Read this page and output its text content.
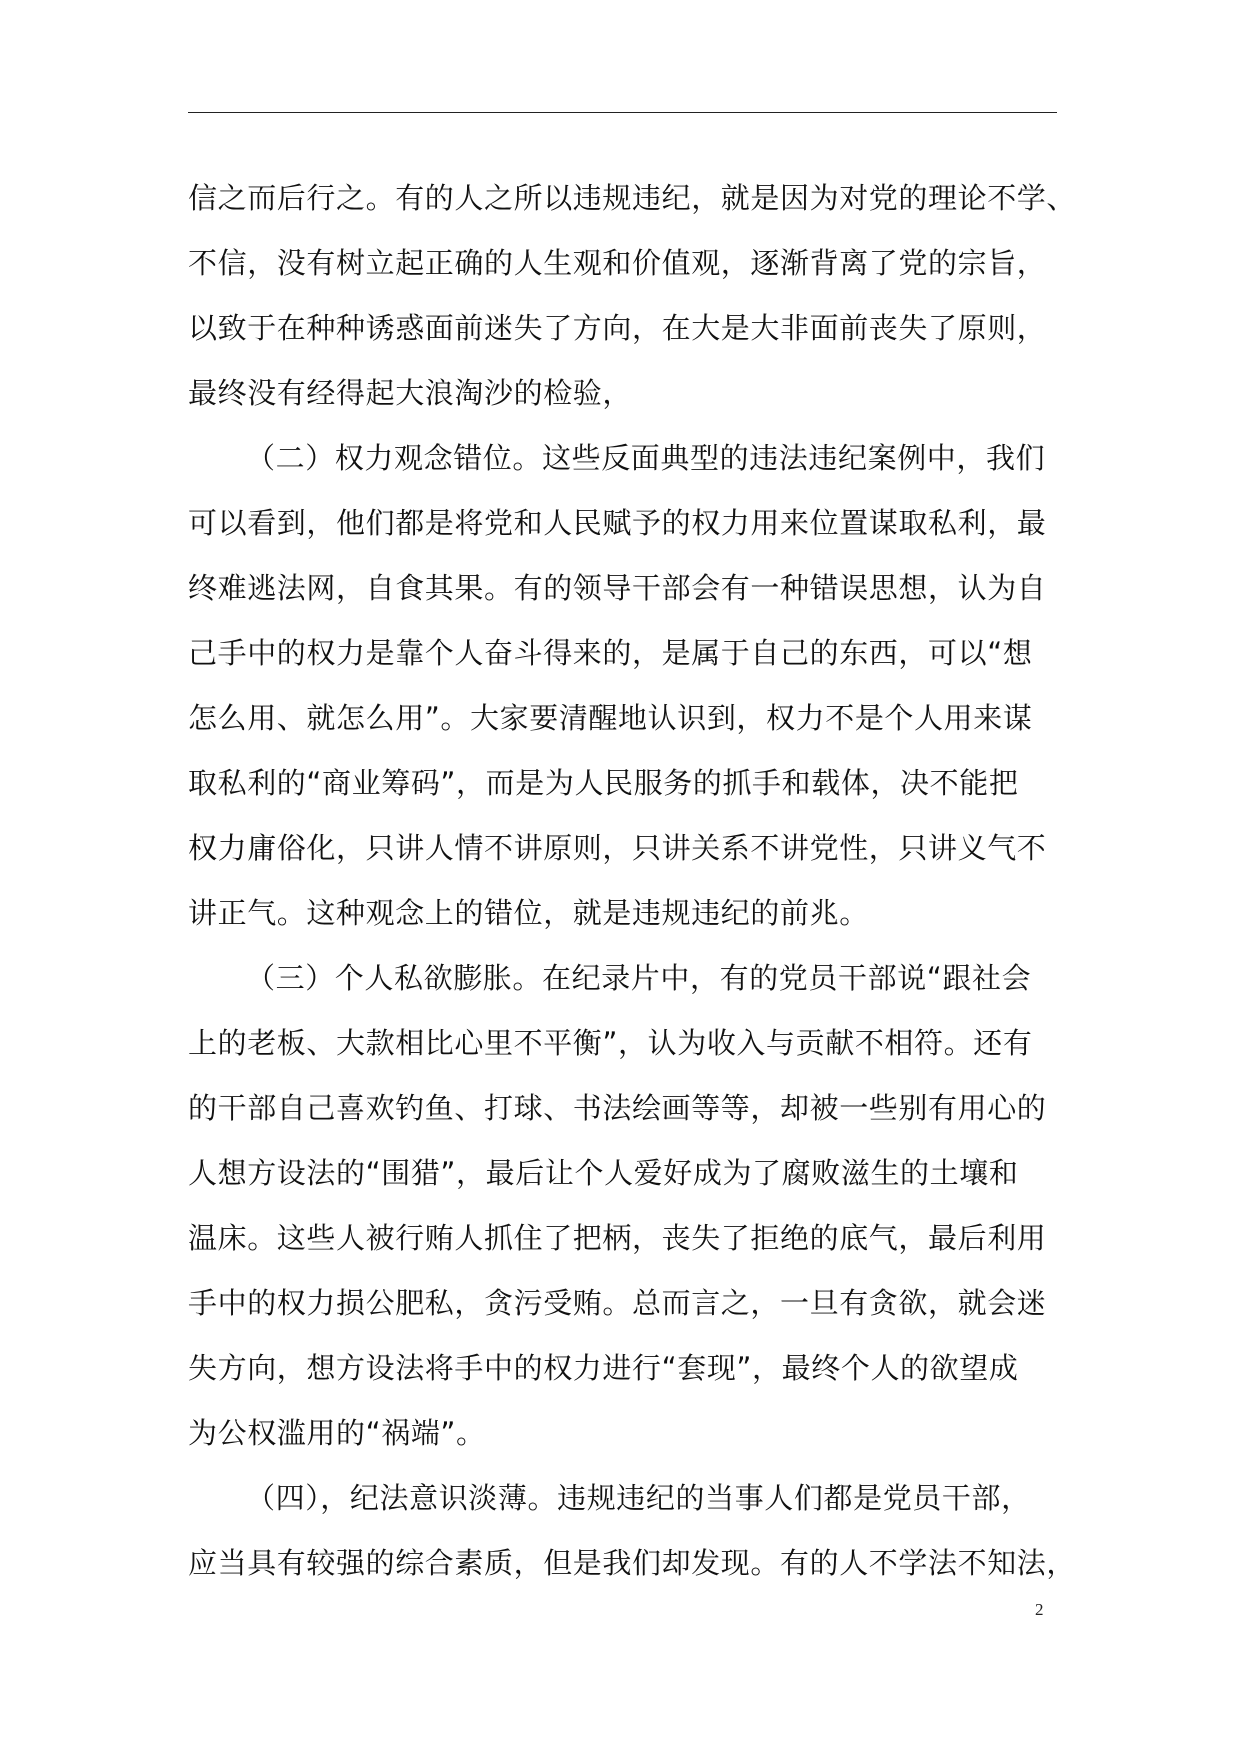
信之而后行之。有的人之所以违规违纪，就是因为对党的理论不学、
不信，没有树立起正确的人生观和价值观，逐渐背离了党的宗旨，
以致于在种种诱惑面前迷失了方向，在大是大非面前丧失了原则，
最终没有经得起大浪淘沙的检验，
（二）权力观念错位。这些反面典型的违法违纪案例中，我们
可以看到，他们都是将党和人民赋予的权力用来位置谋取私利，最
终难逃法网，自食其果。有的领导干部会有一种错误思想，认为自
己手中的权力是靠个人奋斗得来的，是属于自己的东西，可以“想
怎么用、就怎么用”。大家要清醒地认识到，权力不是个人用来谋
取私利的“商业筹码”，而是为人民服务的抓手和载体，决不能把
权力庸俗化，只讲人情不讲原则，只讲关系不讲党性，只讲义气不
讲正气。这种观念上的错位，就是违规违纪的前兆。
（三）个人私欲膨胀。在纪录片中，有的党员干部说“跟社会
上的老板、大款相比心里不平衡”，认为收入与贡献不相符。还有
的干部自己喜欢钓鱼、打球、书法绘画等等，却被一些别有用心的
人想方设法的“围猎”，最后让个人爱好成为了腐败滋生的土壤和
温床。这些人被行贿人抓住了把柄，丧失了拒绝的底气，最后利用
手中的权力损公肥私，贪污受贿。总而言之，一旦有贪欲，就会迷
失方向，想方设法将手中的权力进行“套现”，最终个人的欲望成
为公权滥用的“祸端”。
（四），纪法意识淡薄。违规违纪的当事人们都是党员干部，
应当具有较强的综合素质，但是我们却发现。有的人不学法不知法，
2
